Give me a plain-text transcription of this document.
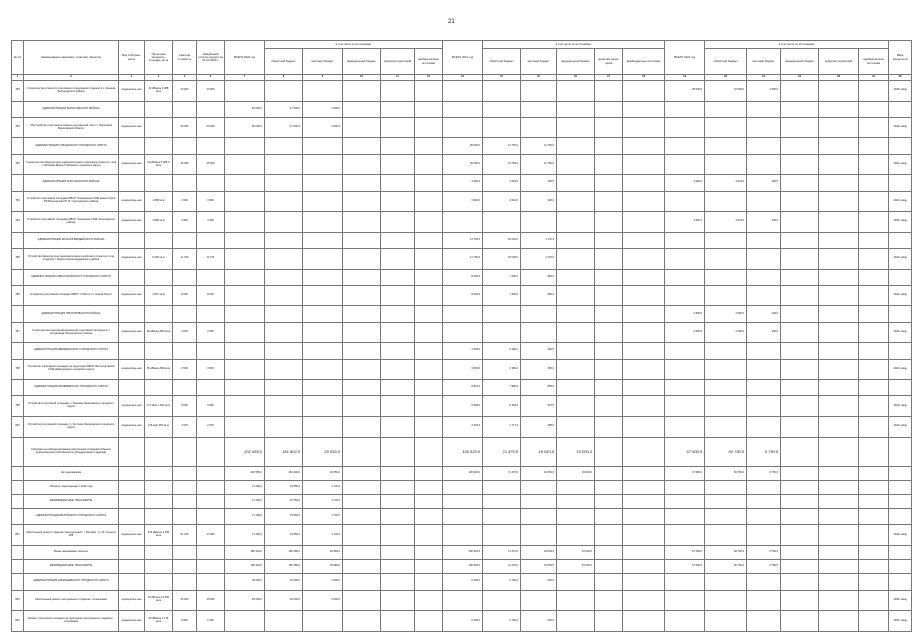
21
№ п/п	Наименование заказчика, отраслей, объектов	Вид собствен-ности	Проектная мощность, площадь, кв. м	Сметная стоимость	Ожидаемый остаток средств на 01.01.2020 г.	ВСЕГО 2020 год	в том числе по источникам:					ВСЕГО 2021 год	в том числе по источникам:					ВСЕГО 2022 год	в том числе по источникам:					Ввод мощностей
							областной бюджет	местный бюджет	федеральный бюджет	средства территорий	внебюд-жетные источники		областной бюджет	местный бюджет	федеральный бюджет	средства терри-торий	внебюджетные источники		областной бюджет	местный бюджет	федеральный бюджет	средства территорий	внебюд-жетные источники	
1	2	3	4	5	6	7	8	9	10	11	12	13	14	15	16	17	18	19	20	21	22	23	24	25
780	Строительство открытого спортивного сооружения (стадион) в с. Казинка Белгородского района	муниципаль-ная	22 кВ/мощ 6 388 кв.м	20 000	20 000													25 000,0	22 500,0	2 500,0				2022г. ввод
	АДМИНИСТРАЦИЯ БОРИСОВСКОГО РАЙОНА					50 000,0	47 500,0	2 500,0																
781	Обустройство спортивного парка в центральной части п. Борисовка Борисовской области	муниципаль-ная		50 000	50 000	50 000,0	47 500,0	2 500,0																2020г. ввод
	АДМИНИСТРАЦИЯ ГУБКИНСКОГО ГОРОДСКОГО ОКРУГА											25 500,0	12 750,0	12 750,0										
782	Строительство физкультурно-оздоровительного комплекса открытого типа с. Бобровы Дворы Губкинского городского округа	муниципаль-ная	64 кВ/мощ 6 083,3 кв.м	25 000	25 000							25 500,0	12 750,0	12 750,0										2021г. ввод
	АДМИНИСТРАЦИЯ КОРОЧАНСКОГО РАЙОНА											3 960,0	3 624,0	336,0				3 960,0	3 624,0	336,0				
783	Устройство спортивной площадки МБОУ "Кощеевская СОШ имени Героя РФ Ворошилова Ю. В." Корочанского района	муниципаль-ная	1 808 кв.м	3 960	3 960							3 960,0	3 624,0	336,0										2021г. ввод
784	Устройство спортивной площадки МБОУ "Анновская СОШ" Корочанского района	муниципаль-ная	1 808 кв.м	3 960	3 960													3 960,0	3 624,0	336,0				2022г. ввод
	АДМИНИСТРАЦИЯ КРАСНОГВАРДЕЙСКОГО РАЙОНА											11 700,0	10 530,0	1 170,0										
785	Устройство физкультурно-оздоровительного комплекса открытого типа (стадион) г. Бирюч Красногвардейского района	муниципаль-ная	5 200 кв.м	11 700	11 700							11 700,0	10 530,0	1 170,0										2021г. ввод
	АДМИНИСТРАЦИЯ НОВООСКОЛЬСКОГО ГОРОДСКОГО ОКРУГА											8 000,0	7 200,0	800,0										
786	Устройство спортивной площадки МБОУ "СОШ № 4 г. Новый Оскол"	муниципаль-ная	3 507 кв.м	8 000	8 000							8 000,0	7 200,0	800,0										2021г. ввод
	АДМИНИСТРАЦИЯ ПРОХОРОВСКОГО РАЙОНА																	2 800,0	2 560,0	240,0				
787	Строительство многофункциональной спортивной площадки в с. Холоднянка Прохоровского района	муниципаль-ная	50 кВ/мощ 800 кв.м	2 800	2 800													2 800,0	2 560,0	240,0				2022г. ввод
	АДМИНИСТРАЦИЯ ШЕБЕКИНСКОГО ГОРОДСКОГО ОКРУГА											3 500,0	3 150,0	350,0										
788	Устройство спортивной площадки на территории МБОУ Волчелуговской СОШ Шебекинского городского округа	муниципаль-ная	50 кВ/мощ 800 кв.м	3 500	3 500							3 500,0	3 150,0	350,0										2021г. ввод
	АДМИНИСТРАЦИЯ ЯКОВЛЕВСКОГО ГОРОДСКОГО ОКРУГА											8 841,0	7 986,0	855,0										
789	Устройство спортивной площадки, с. Быковка Яковлевского городского округа	муниципаль-ная	177 кв/м 1 091 кв.м	5 806	5 806							5 806,0	5 269,0	537,0										2021г. ввод
800	Устройство спортивной площадки, с. Кустовое Яковлевского городского округа	муниципаль-ная	135 кв/м 952 кв.м	2 975	2 975							2 975,0	2 717,0	258,0										2021г. ввод
	Субсидии на софинансирование капитальных вложений (объекты муниципальной собственности) (Модернизация стадиона)					202 555,0	181 902,0	20 653,0				106 526,0	71 470,0	19 053,0	15 000,0			67 500,0	60 750,0	6 750,0				
	За содержанием					202 555,0	181 902,0	20 653,0				106 526,0	71 470,0	19 053,0	15 000,0			67 500,0	60 750,0	6 750,0				
	Объекты, переходящие с 2019 года					17 282,0	15 550,0	1 732,0																
	МЕЖБЮДЖЕТНЫЕ ТРАНСФЕРТЫ					17 282,0	15 550,0	1 732,0																
	АДМИНИСТРАЦИЯ ВАЛУЙСКОГО ГОРОДСКОГО ОКРУГА					17 282,0	15 550,0	1 732,0																
801	Капитальный ремонт стадиона "Центральный", г. Валуйки, ул. М. Горького 408	муниципаль-ная	672 кВ/мощ 2 365 кв.м	51 916	17 282	17 282,0	15 550,0	1 732,0																2020г. ввод
	Вновь начинаемые объекты					185 323,0	166 350,0	18 983,0				106 526,0	71 470,0	19 053,0	15 000,0			67 500,0	60 750,0	6 750,0				
	МЕЖБЮДЖЕТНЫЕ ТРАНСФЕРТЫ					185 323,0	166 350,0	18 983,0				106 526,0	71 470,0	19 053,0	15 000,0			67 500,0	60 750,0	6 750,0				
	АДМИНИСТРАЦИЯ АЛЕКСЕЕВСКОГО ГОРОДСКОГО ОКРУГА					25 000,0	22 500,0	2 500,0				6 400,0	5 760,0	640,0										
802	Капитальный ремонт центрального стадиона г. Алексеевка	муниципаль-ная	94 кВ/мощ 12 500 кв.м	25 000	25 000	25 000,0	22 500,0	2 500,0																2020г. ввод
803	Ремонт спортивной площадки на территории центрального стадиона г. Алексеевка	муниципаль-ная	50 кВ/мощ 2 176 кв.м	6 856	6 400							6 400,0	5 760,0	640,0										2021г. ввод
